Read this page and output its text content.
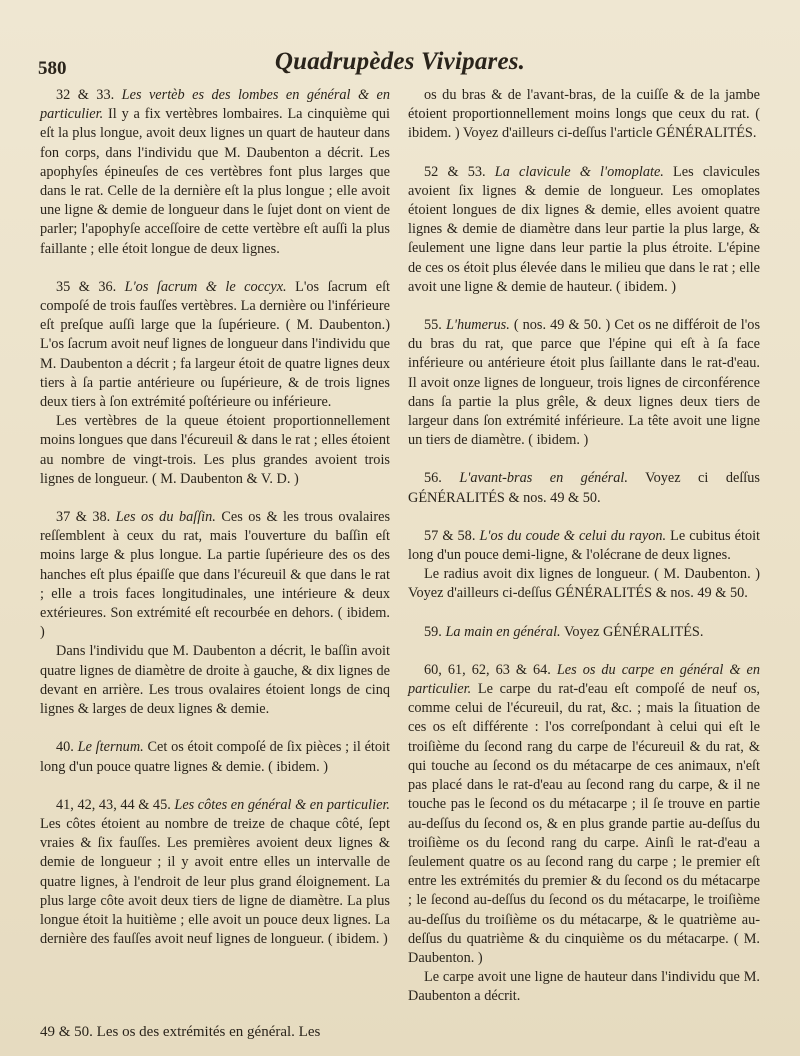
580	Quadrupèdes Vivipares.

32 & 33. Les vertèb es des lombes en général & en particulier. Il y a fix vertèbres lombaires. La cinquième qui eſt la plus longue, avoit deux lignes un quart de hauteur dans fon corps, dans l'individu que M. Daubenton a décrit. Les apophyſes épineuſes de ces vertèbres font plus larges que dans le rat. Celle de la dernière eſt la plus longue ; elle avoit une ligne & demie de longueur dans le ſujet dont on vient de parler; l'apophyſe acceſſoire de cette vertèbre eſt auſſi la plus faillante ; elle étoit longue de deux lignes.

35 & 36. L'os ſacrum & le coccyx. L'os ſacrum eſt compoſé de trois fauſſes vertèbres. La dernière ou l'inférieure eſt preſque auſſi large que la ſupérieure. ( M. Daubenton.) L'os ſacrum avoit neuf lignes de longueur dans l'individu que M. Daubenton a décrit ; fa largeur étoit de quatre lignes deux tiers à ſa partie antérieure ou ſupérieure, & de trois lignes deux tiers à ſon extrémité poſtérieure ou inférieure.

Les vertèbres de la queue étoient proportionnellement moins longues que dans l'écureuil & dans le rat ; elles étoient au nombre de vingt-trois. Les plus grandes avoient trois lignes de longueur. ( M. Daubenton & V. D. )

37 & 38. Les os du baſſin. Ces os & les trous ovalaires reſſemblent à ceux du rat, mais l'ouverture du baſſin eſt moins large & plus longue. La partie ſupérieure des os des hanches eſt plus épaiſſe que dans l'écureuil & que dans le rat ; elle a trois faces longitudinales, une intérieure & deux extérieures. Son extrémité eſt recourbée en dehors. ( ibidem. )

Dans l'individu que M. Daubenton a décrit, le baſſin avoit quatre lignes de diamètre de droite à gauche, & dix lignes de devant en arrière. Les trous ovalaires étoient longs de cinq lignes & larges de deux lignes & demie.

40. Le ſternum. Cet os étoit compoſé de ſix pièces ; il étoit long d'un pouce quatre lignes & demie. ( ibidem. )

41, 42, 43, 44 & 45. Les côtes en général & en particulier. Les côtes étoient au nombre de treize de chaque côté, ſept vraies & ſix fauſſes. Les premières avoient deux lignes & demie de longueur ; il y avoit entre elles un intervalle de quatre lignes, à l'endroit de leur plus grand éloignement. La plus large côte avoit deux tiers de ligne de diamètre. La plus longue étoit la huitième ; elle avoit un pouce deux lignes. La dernière des fauſſes avoit neuf lignes de longueur. ( ibidem. )

os du bras & de l'avant-bras, de la cuiſſe & de la jambe étoient proportionnellement moins longs que ceux du rat. ( ibidem. ) Voyez d'ailleurs ci-deſſus l'article GÉNÉRALITÉS.

52 & 53. La clavicule & l'omoplate. Les clavicules avoient ſix lignes & demie de longueur. Les omoplates étoient longues de dix lignes & demie, elles avoient quatre lignes & demie de diamètre dans leur partie la plus large, & ſeulement une ligne dans leur partie la plus étroite. L'épine de ces os étoit plus élevée dans le milieu que dans le rat ; elle avoit une ligne & demie de hauteur. ( ibidem. )

55. L'humerus. ( nos. 49 & 50. ) Cet os ne différoit de l'os du bras du rat, que parce que l'épine qui eſt à ſa face inférieure ou antérieure étoit plus ſaillante dans le rat-d'eau. Il avoit onze lignes de longueur, trois lignes de circonférence dans ſa partie la plus grêle, & deux lignes deux tiers de largeur dans ſon extrémité inférieure. La tête avoit une ligne un tiers de diamètre. ( ibidem. )

56. L'avant-bras en général. Voyez ci deſſus GÉNÉRALITÉS & nos. 49 & 50.

57 & 58. L'os du coude & celui du rayon. Le cubitus étoit long d'un pouce demi-ligne, & l'olécrane de deux lignes.

Le radius avoit dix lignes de longueur. ( M. Daubenton. ) Voyez d'ailleurs ci-deſſus GÉNÉRALITÉS & nos. 49 & 50.

59. La main en général. Voyez GÉNÉRALITÉS.

60, 61, 62, 63 & 64. Les os du carpe en général & en particulier. Le carpe du rat-d'eau eſt compoſé de neuf os, comme celui de l'écureuil, du rat, &c. ; mais la ſituation de ces os eſt différente : l'os correſpondant à celui qui eſt le troiſième du ſecond rang du carpe de l'écureuil & du rat, & qui touche au ſecond os du métacarpe de ces animaux, n'eſt pas placé dans le rat-d'eau au ſecond rang du carpe, & il ne touche pas le ſecond os du métacarpe ; il ſe trouve en partie au-deſſus du ſecond os, & en plus grande partie au-deſſus du troiſième os du ſecond rang du carpe. Ainſi le rat-d'eau a ſeulement quatre os au ſecond rang du carpe ; le premier eſt entre les extrémités du premier & du ſecond os du métacarpe ; le ſecond au-deſſus du ſecond os du métacarpe, le troiſième au-deſſus du troiſième os du métacarpe, & le quatrième au-deſſus du quatrième & du cinquième os du métacarpe. ( M. Daubenton. )

Le carpe avoit une ligne de hauteur dans l'individu que M. Daubenton a décrit.

49 & 50. Les os des extrémités en général. Les
